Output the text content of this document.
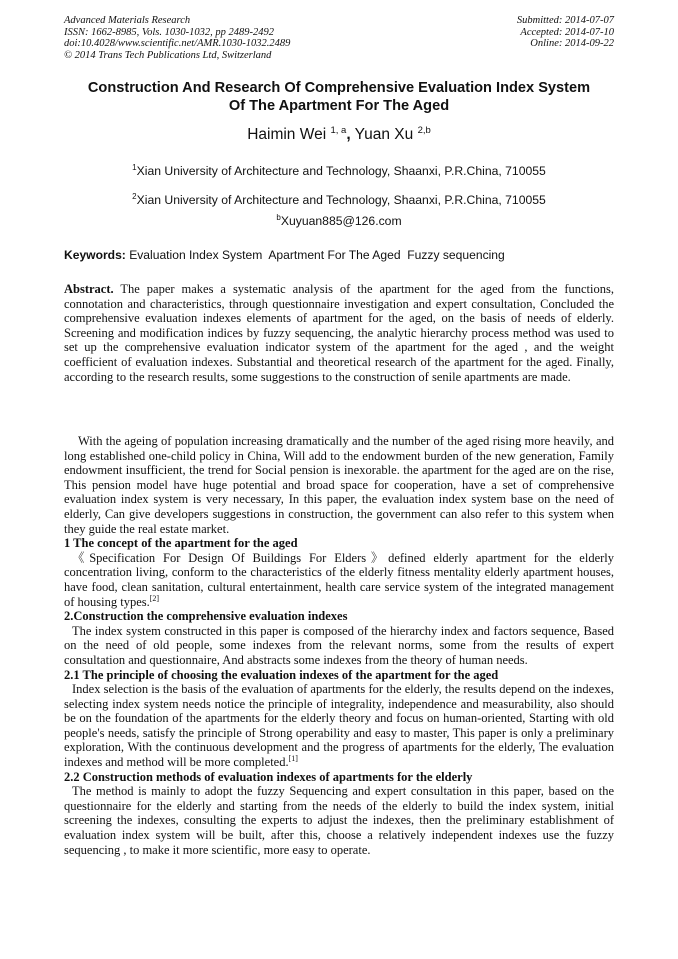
Advanced Materials Research
ISSN: 1662-8985, Vols. 1030-1032, pp 2489-2492
doi:10.4028/www.scientific.net/AMR.1030-1032.2489
© 2014 Trans Tech Publications Ltd, Switzerland
Submitted: 2014-07-07
Accepted: 2014-07-10
Online: 2014-09-22
Construction And Research Of Comprehensive Evaluation Index System
Of The Apartment For The Aged
Haimin Wei $^{1, a}$, Yuan Xu $^{2,b}$
$^1$Xian University of Architecture and Technology, Shaanxi, P.R.China, 710055
$^2$Xian University of Architecture and Technology, Shaanxi, P.R.China, 710055
$^b$Xuyuan885@126.com
Keywords: Evaluation Index System  Apartment For The Aged  Fuzzy sequencing
Abstract. The paper makes a systematic analysis of the apartment for the aged from the functions, connotation and characteristics, through questionnaire investigation and expert consultation, Concluded the comprehensive evaluation indexes elements of apartment for the aged, on the basis of needs of elderly. Screening and modification indices by fuzzy sequencing, the analytic hierarchy process method was used to set up the comprehensive evaluation indicator system of the apartment for the aged , and the weight coefficient of evaluation indexes. Substantial and theoretical research of the apartment for the aged. Finally, according to the research results, some suggestions to the construction of senile apartments are made.
With the ageing of population increasing dramatically and the number of the aged rising more heavily, and long established one-child policy in China, Will add to the endowment burden of the new generation, Family endowment insufficient, the trend for Social pension is inexorable. the apartment for the aged are on the rise, This pension model have huge potential and broad space for cooperation, have a set of comprehensive evaluation index system is very necessary, In this paper, the evaluation index system base on the need of elderly, Can give developers suggestions in construction, the government can also refer to this system when they guide the real estate market.
1 The concept of the apartment for the aged
《Specification For Design Of Buildings For Elders》defined elderly apartment for the elderly concentration living, conform to the characteristics of the elderly fitness mentality elderly apartment houses, have food, clean sanitation, cultural entertainment, health care service system of the integrated management of housing types.[2]
2.Construction the comprehensive evaluation indexes
The index system constructed in this paper is composed of the hierarchy index and factors sequence, Based on the need of old people, some indexes from the relevant norms, some from the results of expert consultation and questionnaire, And abstracts some indexes from the theory of human needs.
2.1 The principle of choosing the evaluation indexes of the apartment for the aged
Index selection is the basis of the evaluation of apartments for the elderly, the results depend on the indexes, selecting index system needs notice the principle of integrality, independence and measurability, also should be on the foundation of the apartments for the elderly theory and focus on human-oriented, Starting with old people's needs, satisfy the principle of Strong operability and easy to master, This paper is only a preliminary exploration, With the continuous development and the progress of apartments for the elderly, The evaluation indexes and method will be more completed.[1]
2.2 Construction methods of evaluation indexes of apartments for the elderly
The method is mainly to adopt the fuzzy Sequencing and expert consultation in this paper, based on the questionnaire for the elderly and starting from the needs of the elderly to build the index system, initial screening the indexes, consulting the experts to adjust the indexes, then the preliminary establishment of evaluation index system will be built, after this, choose a relatively independent indexes use the fuzzy sequencing , to make it more scientific, more easy to operate.
